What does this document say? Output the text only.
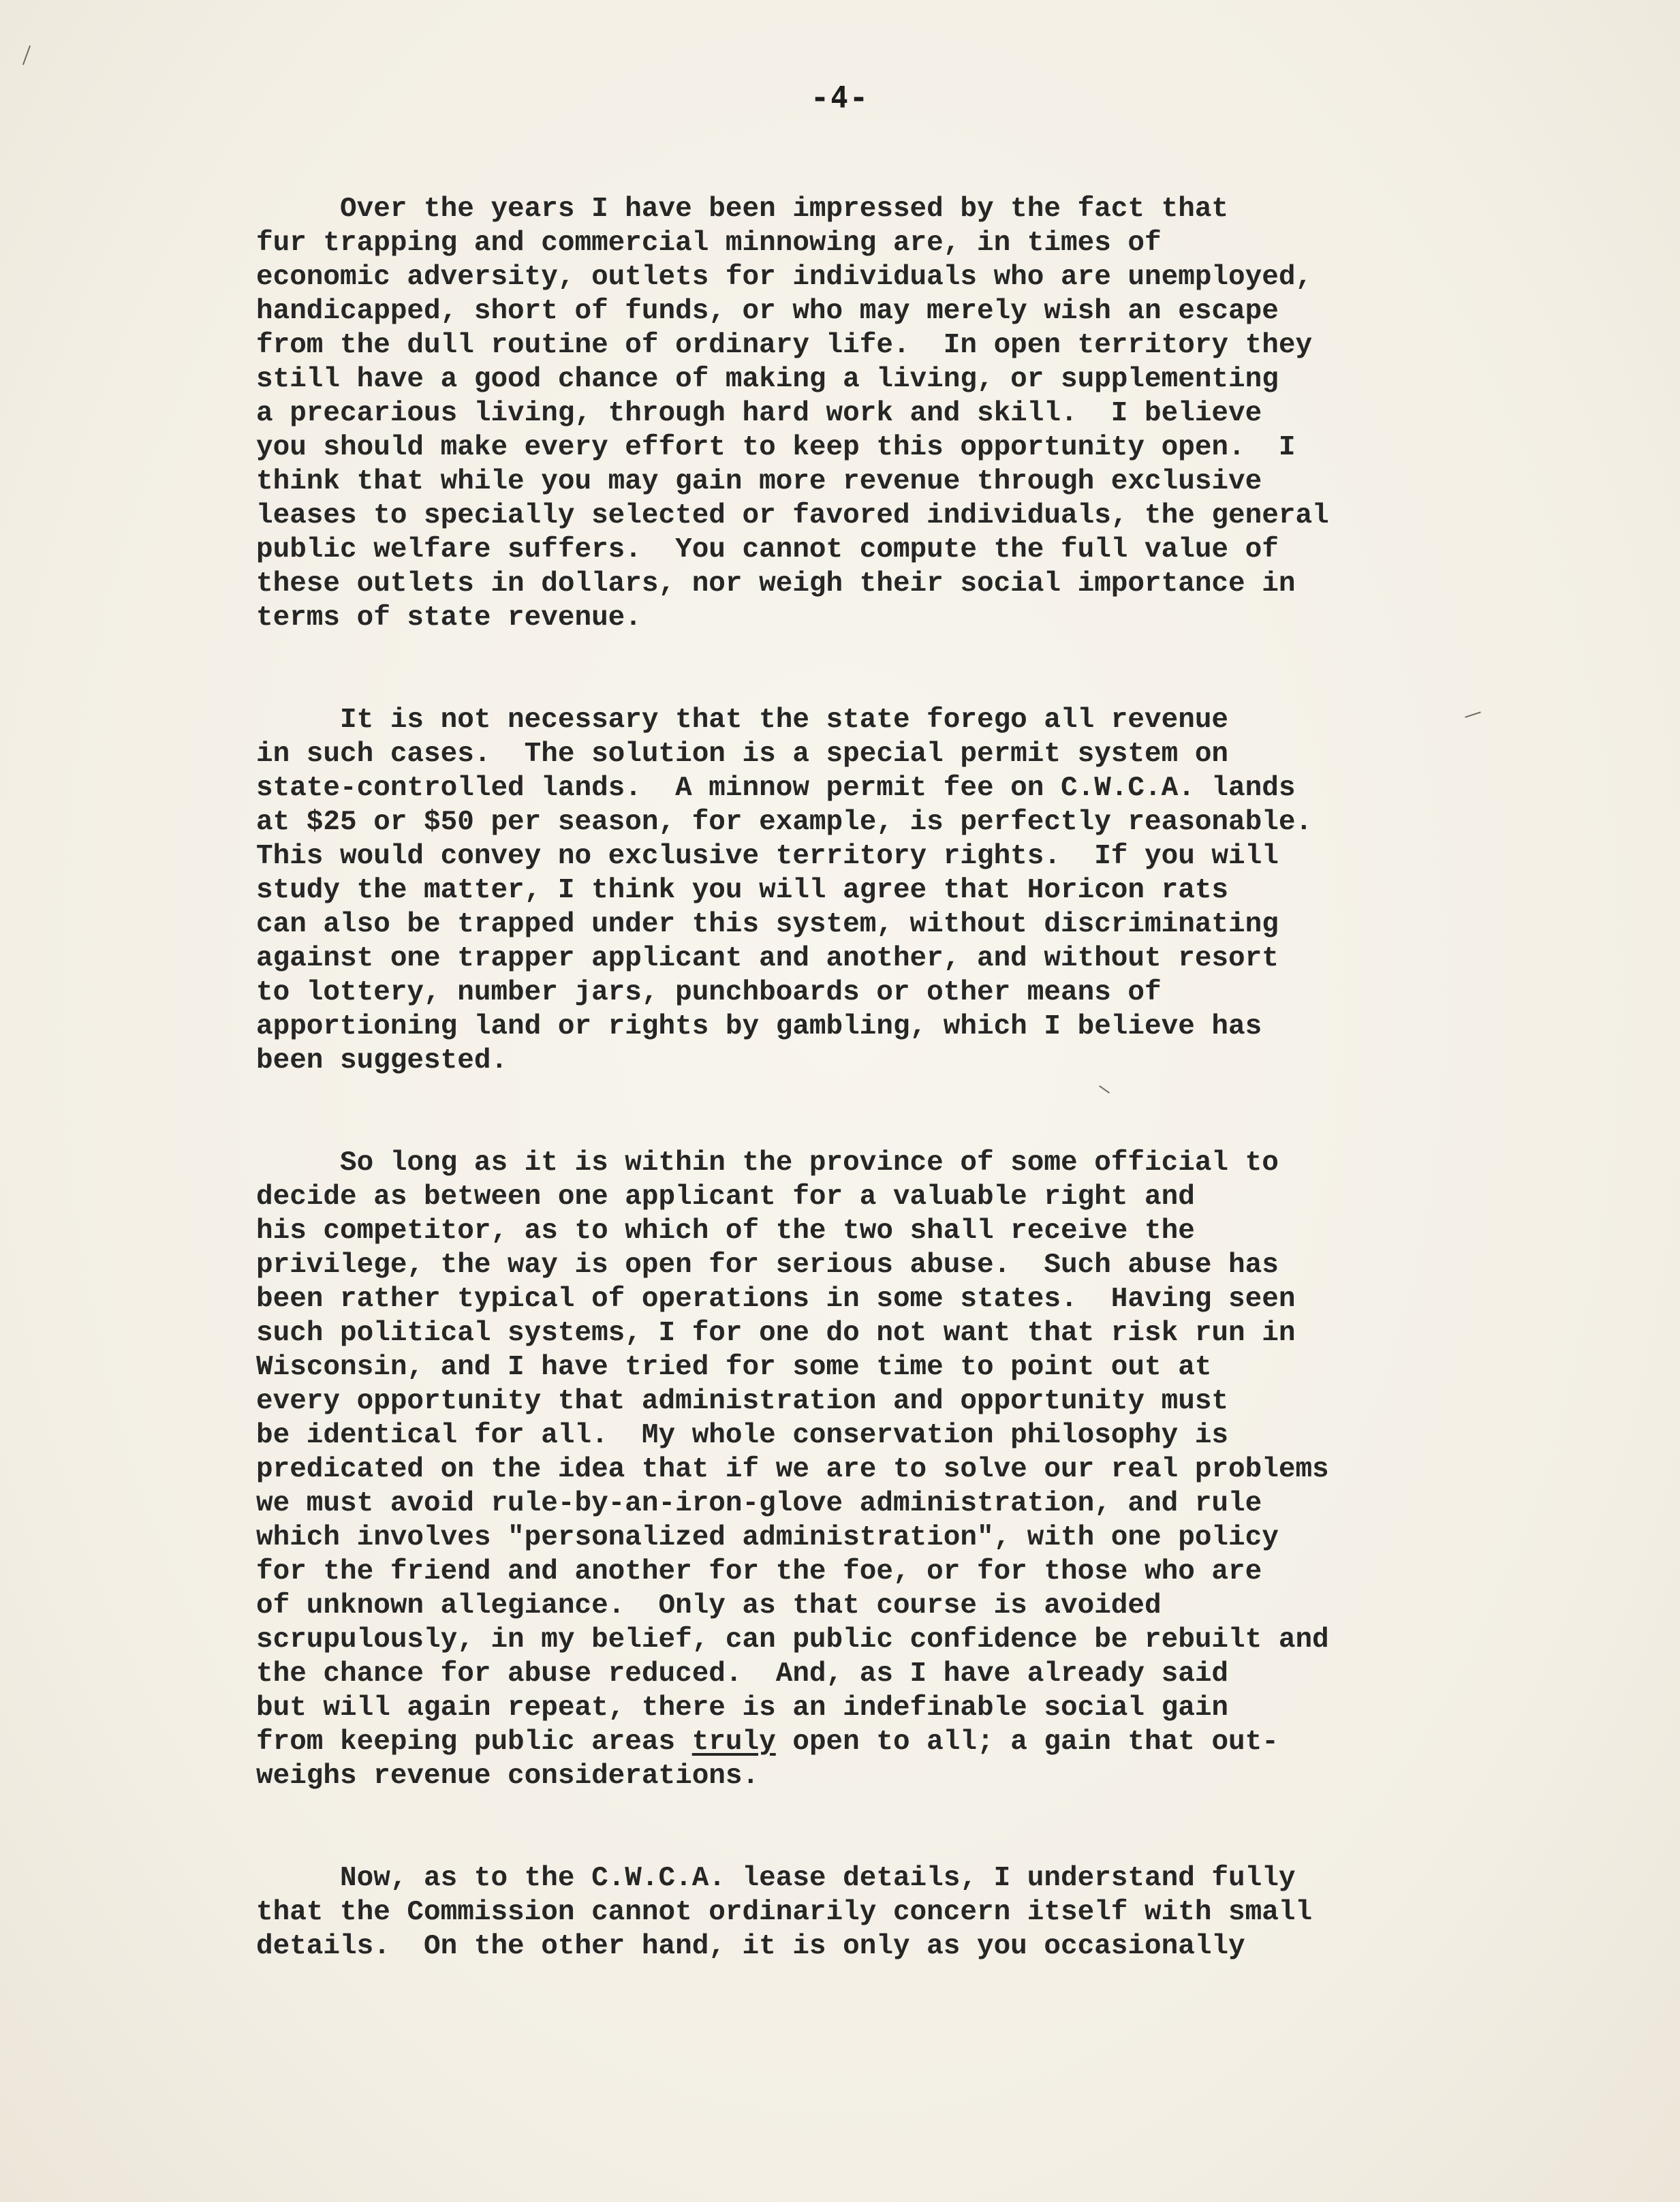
-4-
Over the years I have been impressed by the fact that
fur trapping and commercial minnowing are, in times of
economic adversity, outlets for individuals who are unemployed,
handicapped, short of funds, or who may merely wish an escape
from the dull routine of ordinary life.  In open territory they
still have a good chance of making a living, or supplementing
a precarious living, through hard work and skill.  I believe
you should make every effort to keep this opportunity open.  I
think that while you may gain more revenue through exclusive
leases to specially selected or favored individuals, the general
public welfare suffers.  You cannot compute the full value of
these outlets in dollars, nor weigh their social importance in
terms of state revenue.
It is not necessary that the state forego all revenue
in such cases.  The solution is a special permit system on
state-controlled lands.  A minnow permit fee on C.W.C.A. lands
at $25 or $50 per season, for example, is perfectly reasonable.
This would convey no exclusive territory rights.  If you will
study the matter, I think you will agree that Horicon rats
can also be trapped under this system, without discriminating
against one trapper applicant and another, and without resort
to lottery, number jars, punchboards or other means of
apportioning land or rights by gambling, which I believe has
been suggested.
So long as it is within the province of some official to
decide as between one applicant for a valuable right and
his competitor, as to which of the two shall receive the
privilege, the way is open for serious abuse.  Such abuse has
been rather typical of operations in some states.  Having seen
such political systems, I for one do not want that risk run in
Wisconsin, and I have tried for some time to point out at
every opportunity that administration and opportunity must
be identical for all.  My whole conservation philosophy is
predicated on the idea that if we are to solve our real problems
we must avoid rule-by-an-iron-glove administration, and rule
which involves "personalized administration", with one policy
for the friend and another for the foe, or for those who are
of unknown allegiance.  Only as that course is avoided
scrupulously, in my belief, can public confidence be rebuilt and
the chance for abuse reduced.  And, as I have already said
but will again repeat, there is an indefinable social gain
from keeping public areas truly open to all; a gain that out-
weighs revenue considerations.
Now, as to the C.W.C.A. lease details, I understand fully
that the Commission cannot ordinarily concern itself with small
details.  On the other hand, it is only as you occasionally
